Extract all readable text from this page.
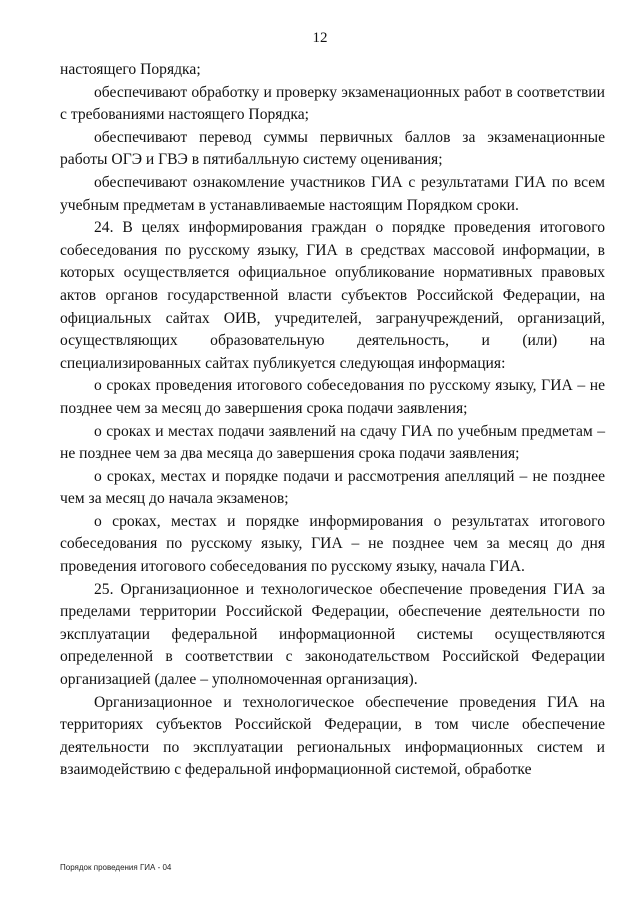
12

настоящего Порядка;

обеспечивают обработку и проверку экзаменационных работ в соответствии с требованиями настоящего Порядка;

обеспечивают перевод суммы первичных баллов за экзаменационные работы ОГЭ и ГВЭ в пятибалльную систему оценивания;

обеспечивают ознакомление участников ГИА с результатами ГИА по всем учебным предметам в устанавливаемые настоящим Порядком сроки.

24. В целях информирования граждан о порядке проведения итогового собеседования по русскому языку, ГИА в средствах массовой информации, в которых осуществляется официальное опубликование нормативных правовых актов органов государственной власти субъектов Российской Федерации, на официальных сайтах ОИВ, учредителей, загранучреждений, организаций, осуществляющих образовательную деятельность, и (или) на специализированных сайтах публикуется следующая информация:

о сроках проведения итогового собеседования по русскому языку, ГИА – не позднее чем за месяц до завершения срока подачи заявления;

о сроках и местах подачи заявлений на сдачу ГИА по учебным предметам – не позднее чем за два месяца до завершения срока подачи заявления;

о сроках, местах и порядке подачи и рассмотрения апелляций – не позднее чем за месяц до начала экзаменов;

о сроках, местах и порядке информирования о результатах итогового собеседования по русскому языку, ГИА – не позднее чем за месяц до дня проведения итогового собеседования по русскому языку, начала ГИА.

25. Организационное и технологическое обеспечение проведения ГИА за пределами территории Российской Федерации, обеспечение деятельности по эксплуатации федеральной информационной системы осуществляются определенной в соответствии с законодательством Российской Федерации организацией (далее – уполномоченная организация).

Организационное и технологическое обеспечение проведения ГИА на территориях субъектов Российской Федерации, в том числе обеспечение деятельности по эксплуатации региональных информационных систем и взаимодействию с федеральной информационной системой, обработке

Порядок проведения ГИА - 04
